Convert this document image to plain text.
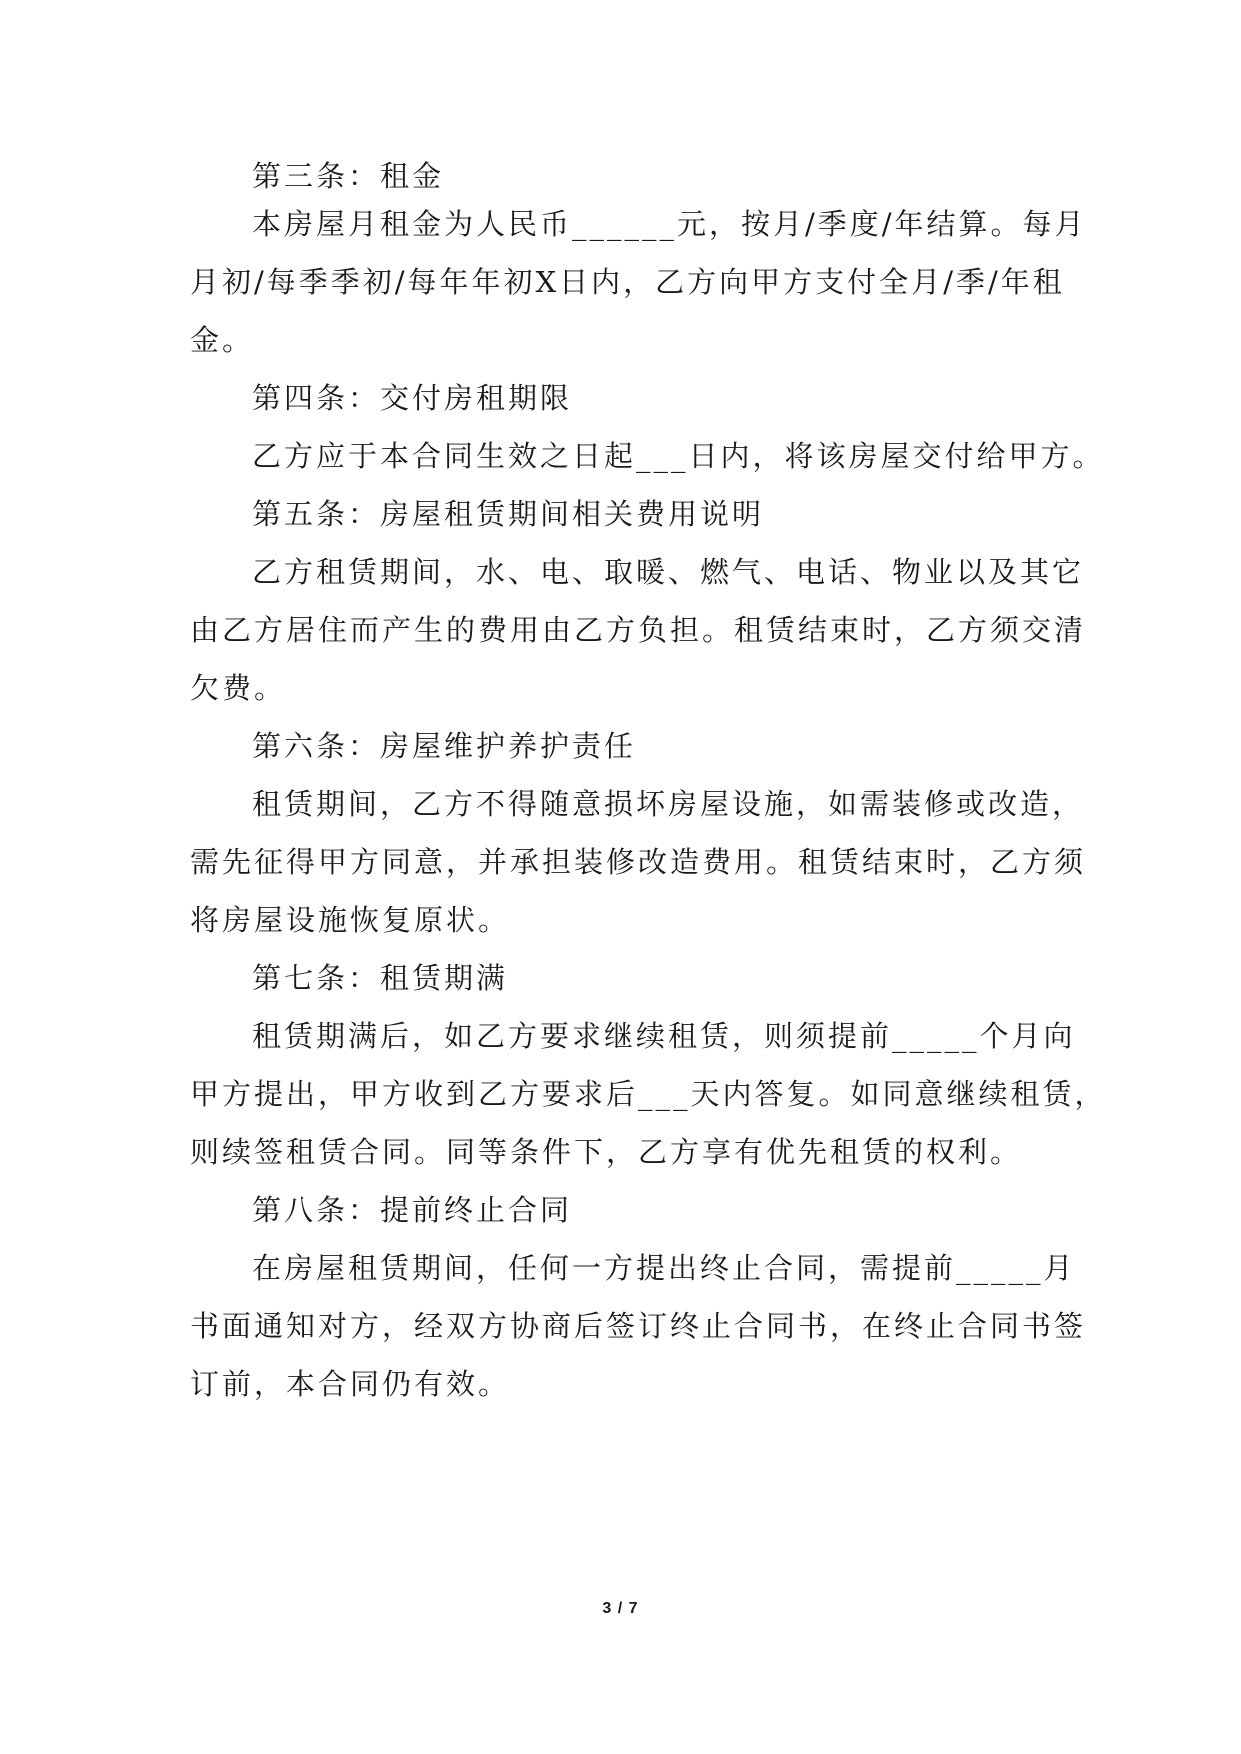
第三条：租金

本房屋月租金为人民币______元，按月/季度/年结算。每月

月初/每季季初/每年年初X日内，乙方向甲方支付全月/季/年租

金。

第四条：交付房租期限

乙方应于本合同生效之日起___日内，将该房屋交付给甲方。

第五条：房屋租赁期间相关费用说明

乙方租赁期间，水、电、取暖、燃气、电话、物业以及其它

由乙方居住而产生的费用由乙方负担。租赁结束时，乙方须交清

欠费。

第六条：房屋维护养护责任

租赁期间，乙方不得随意损坏房屋设施，如需装修或改造，

需先征得甲方同意，并承担装修改造费用。租赁结束时，乙方须

将房屋设施恢复原状。

第七条：租赁期满

租赁期满后，如乙方要求继续租赁，则须提前_____个月向

甲方提出，甲方收到乙方要求后___天内答复。如同意继续租赁，

则续签租赁合同。同等条件下，乙方享有优先租赁的权利。

第八条：提前终止合同

在房屋租赁期间，任何一方提出终止合同，需提前_____月

书面通知对方，经双方协商后签订终止合同书，在终止合同书签

订前，本合同仍有效。

3 / 7
